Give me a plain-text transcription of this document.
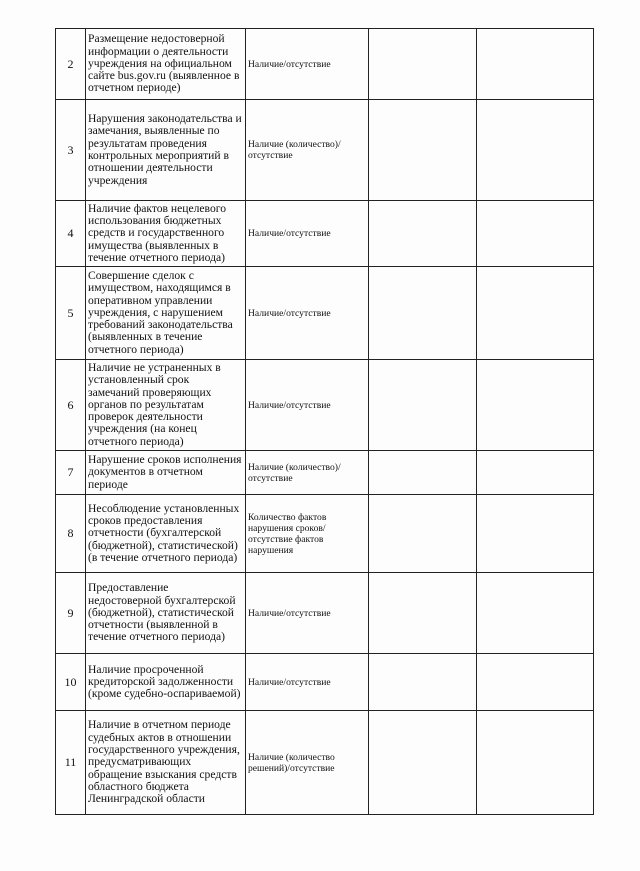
2	Размещение недостоверной информации о деятельности учреждения на официальном сайте bus.gov.ru (выявленное в отчетном периоде)	Наличие/отсутствие		
3	Нарушения законодательства и замечания, выявленные по результатам проведения контрольных мероприятий в отношении деятельности учреждения	Наличие (количество)/ отсутствие		
4	Наличие фактов нецелевого использования бюджетных средств и государственного имущества (выявленных в течение отчетного периода)	Наличие/отсутствие		
5	Совершение сделок с имуществом, находящимся в оперативном управлении учреждения, с нарушением требований законодательства (выявленных в течение отчетного периода)	Наличие/отсутствие		
6	Наличие не устраненных в установленный срок замечаний проверяющих органов по результатам проверок деятельности учреждения (на конец отчетного периода)	Наличие/отсутствие		
7	Нарушение сроков исполнения документов в отчетном периоде	Наличие (количество)/ отсутствие		
8	Несоблюдение установленных сроков предоставления отчетности (бухгалтерской (бюджетной), статистической) (в течение отчетного периода)	Количество фактов нарушения сроков/отсутствие фактов нарушения		
9	Предоставление недостоверной бухгалтерской (бюджетной), статистической отчетности (выявленной в течение отчетного периода)	Наличие/отсутствие		
10	Наличие просроченной кредиторской задолженности (кроме судебно-оспариваемой)	Наличие/отсутствие		
11	Наличие в отчетном периоде судебных актов в отношении государственного учреждения, предусматривающих обращение взыскания средств областного бюджета Ленинградской области	Наличие (количество решений)/отсутствие		
